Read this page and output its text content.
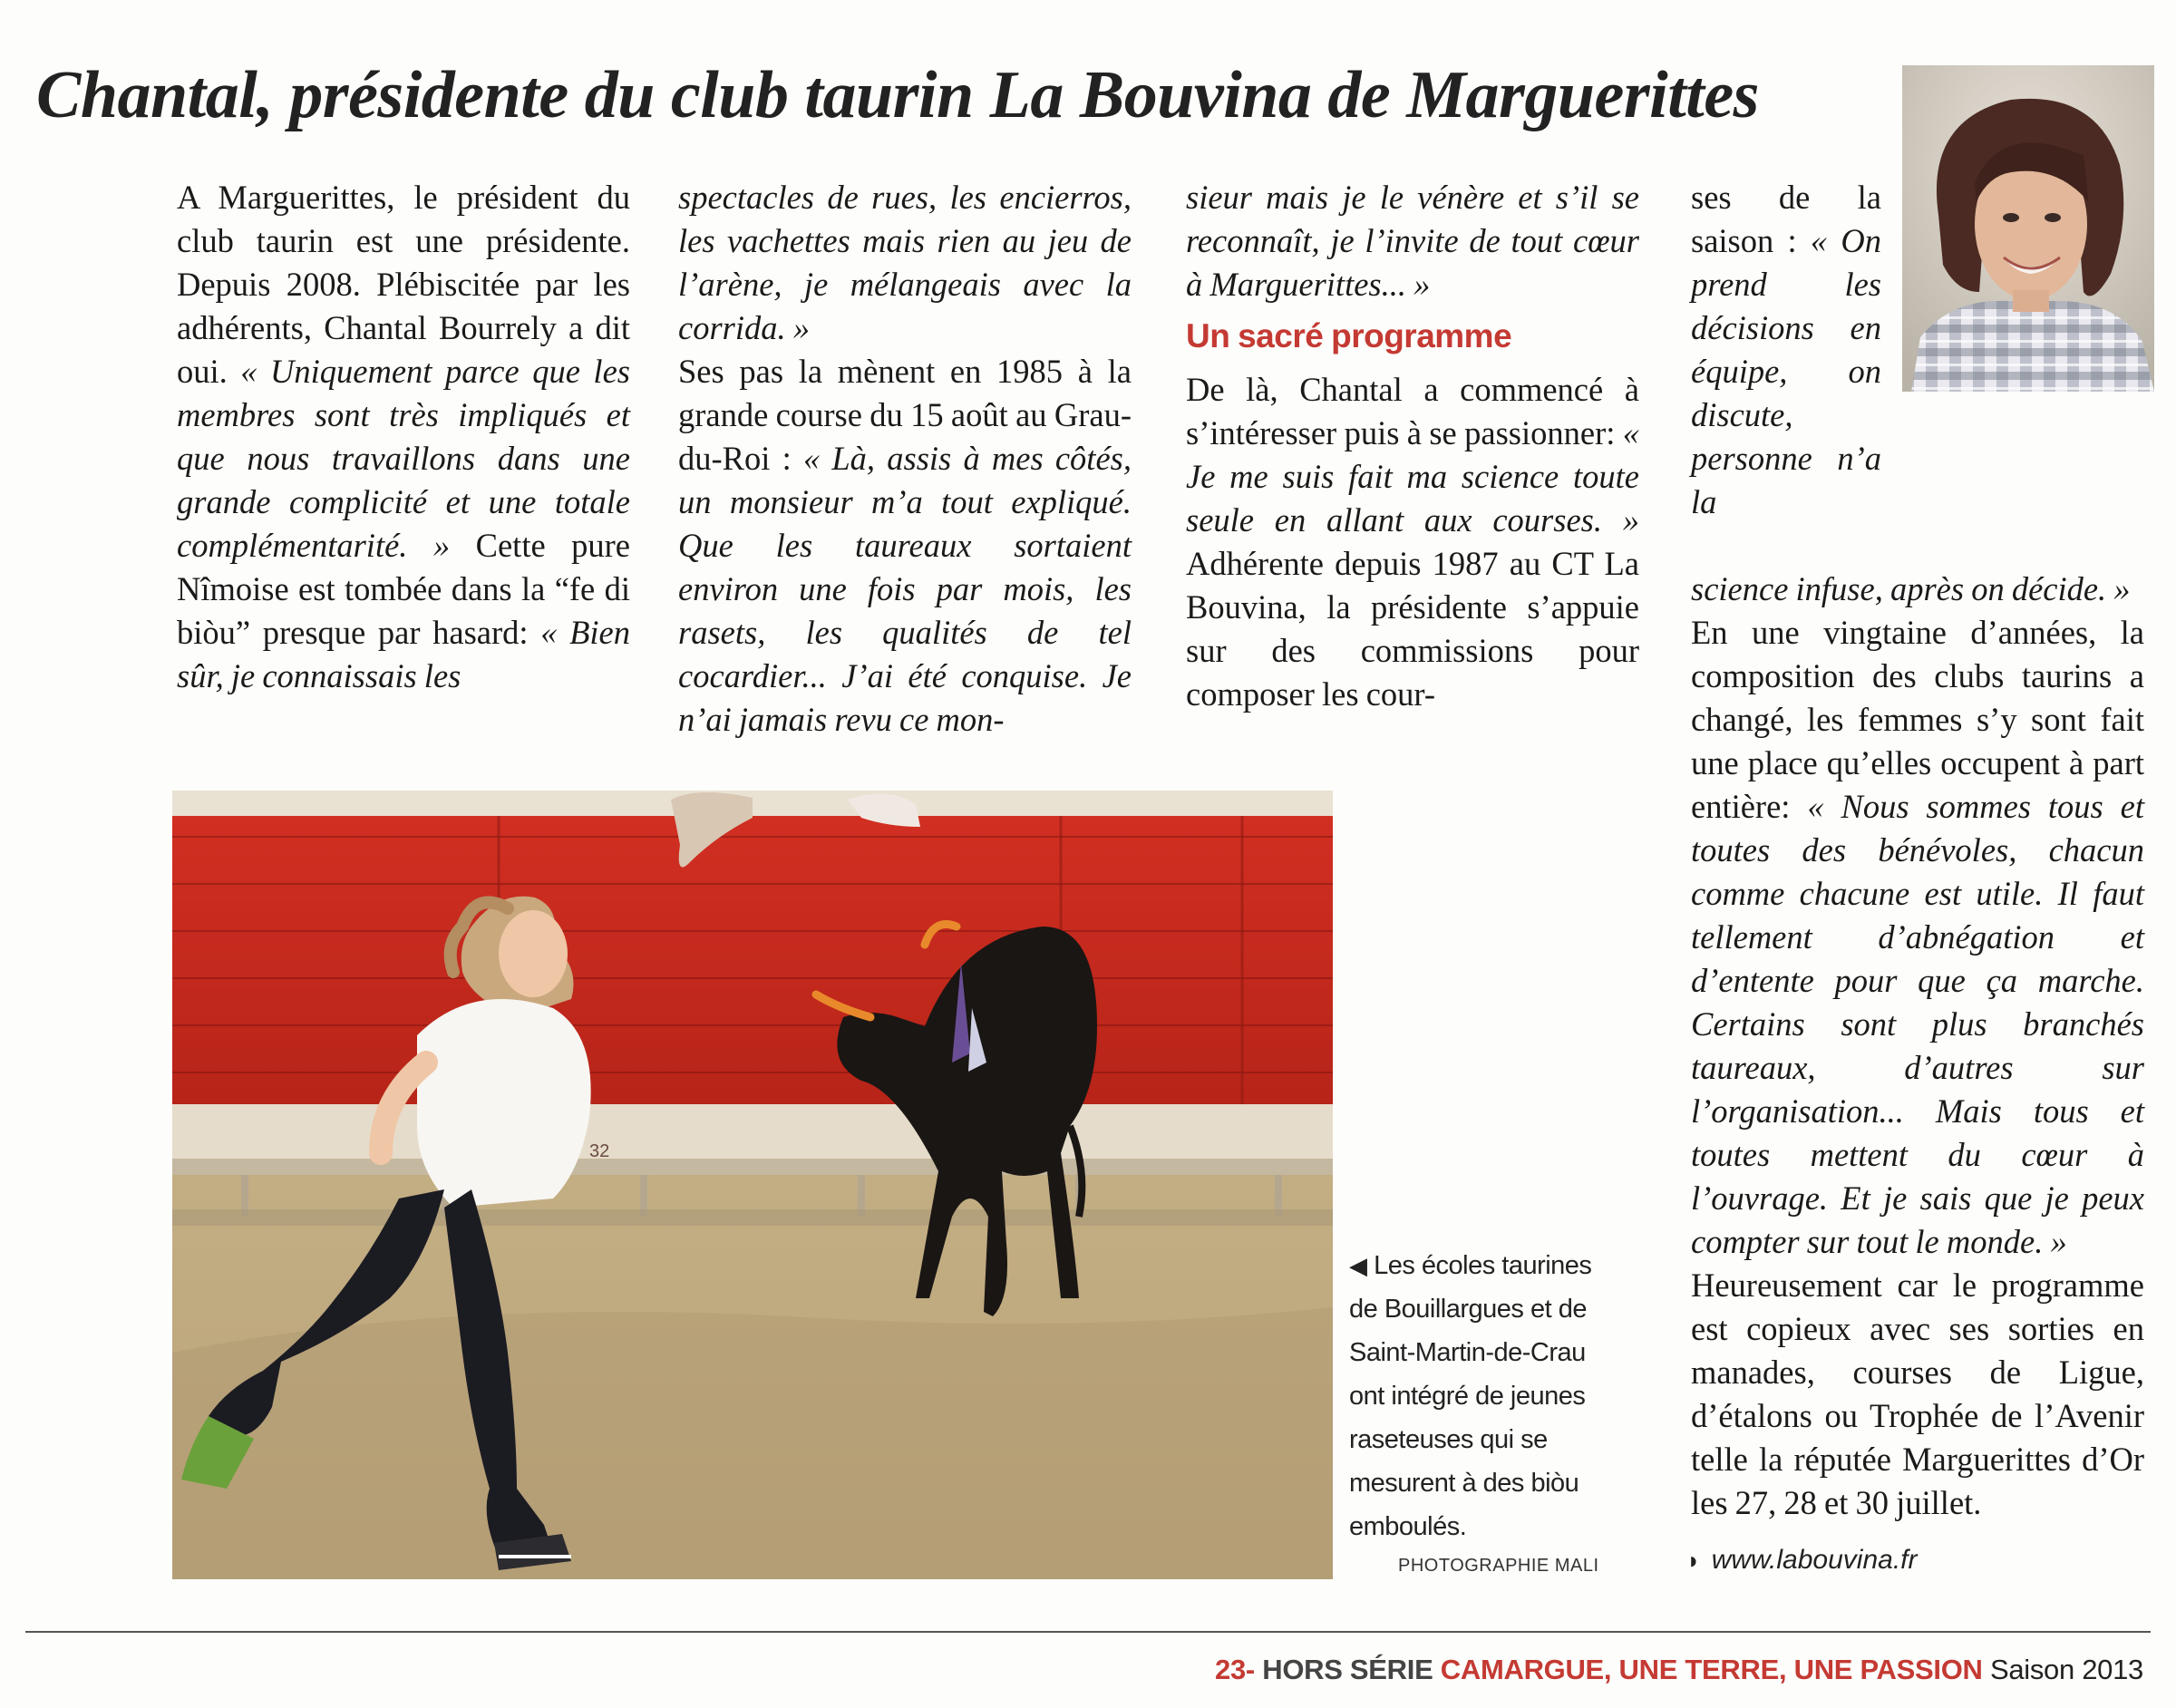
Chantal, présidente du club taurin La Bouvina de Marguerittes

A Marguerittes, le président du club taurin est une présidente. Depuis 2008. Plébiscitée par les adhérents, Chantal Bourrely a dit oui. « Uniquement parce que les membres sont très impliqués et que nous travaillons dans une grande complicité et une totale complémentarité. » Cette pure Nîmoise est tombée dans la “fe di biòu” presque par hasard: « Bien sûr, je connaissais les

spectacles de rues, les encierros, les vachettes mais rien au jeu de l’arène, je mélangeais avec la corrida. »
Ses pas la mènent en 1985 à la grande course du 15 août au Grau-du-Roi : « Là, assis à mes côtés, un monsieur m’a tout expliqué. Que les taureaux sortaient environ une fois par mois, les rasets, les qualités de tel cocardier... J’ai été conquise. Je n’ai jamais revu ce mon-

sieur mais je le vénère et s’il se reconnaît, je l’invite de tout cœur à Marguerittes... »

Un sacré programme

De là, Chantal a commencé à s’intéresser puis à se passionner: « Je me suis fait ma science toute seule en allant aux courses. » Adhérente depuis 1987 au CT La Bouvina, la présidente s’appuie sur des commissions pour composer les cour-

ses de la saison : « On prend les décisions en équipe, on discute, personne n’a la

science infuse, après on décide. »
En une vingtaine d’années, la composition des clubs taurins a changé, les femmes s’y sont fait une place qu’elles occupent à part entière: « Nous sommes tous et toutes des bénévoles, chacun comme chacune est utile. Il faut tellement d’abnégation et d’entente pour que ça marche. Certains sont plus branchés taureaux, d’autres sur l’organisation... Mais tous et toutes mettent du cœur à l’ouvrage. Et je sais que je peux compter sur tout le monde. »
Heureusement car le programme est copieux avec ses sorties en manades, courses de Ligue, d’étalons ou Trophée de l’Avenir telle la réputée Marguerittes d’Or les 27, 28 et 30 juillet.

32
◀ Les écoles taurines de Bouillargues et de Saint-Martin-de-Crau ont intégré de jeunes raseteuses qui se mesurent à des biòu emboulés.
PHOTOGRAPHIE MALI	◗ www.labouvina.fr
23- HORS SÉRIE CAMARGUE, UNE TERRE, UNE PASSION Saison 2013
